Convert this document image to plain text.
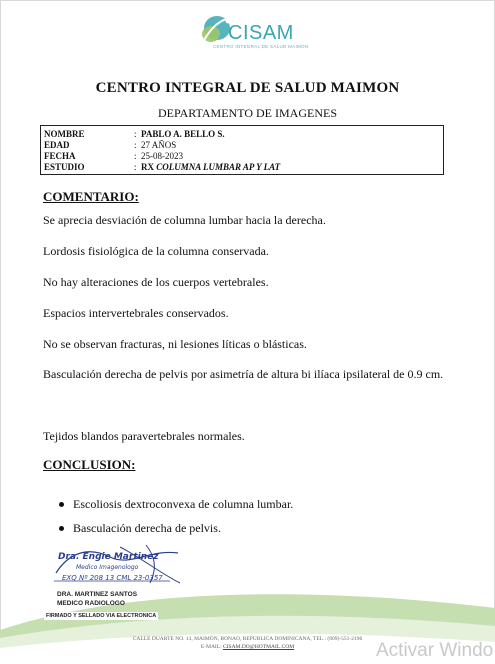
CISAM
CENTRO INTEGRAL DE SALUD MAIMON
CENTRO INTEGRAL DE SALUD MAIMON
DEPARTAMENTO DE IMAGENES
NOMBRE	: PABLO A. BELLO S.
EDAD	: 27 AÑOS
FECHA	: 25-08-2023
ESTUDIO	: RX COLUMNA LUMBAR AP Y LAT
COMENTARIO:
Se aprecia desviación de columna lumbar hacia la derecha.
Lordosis fisiológica de la columna conservada.
No hay alteraciones de los cuerpos vertebrales.
Espacios intervertebrales conservados.
No se observan fracturas, ni lesiones líticas o blásticas.
Basculación derecha de pelvis por asimetría de altura bi ilíaca ipsilateral de 0.9 cm.
Tejidos blandos paravertebrales normales.
CONCLUSION:
Escoliosis dextroconvexa de columna lumbar.
Basculación derecha de pelvis.
Dra. Engie Martinez
Medico Imagenologo
EXQ Nº 208 13 CML 23-0357
DRA. MARTINEZ SANTOS
MEDICO RADIOLOGO
FIRMADO Y SELLADO VIA ELECTRONICA
CALLE DUARTE NO. 13, MAIMÓN, BONAO, REPUBLICA DOMINICANA, TEL.: (809)-551-2196
E-MAIL: CISAM.DO@HOTMAIL.COM	Activar Windo
